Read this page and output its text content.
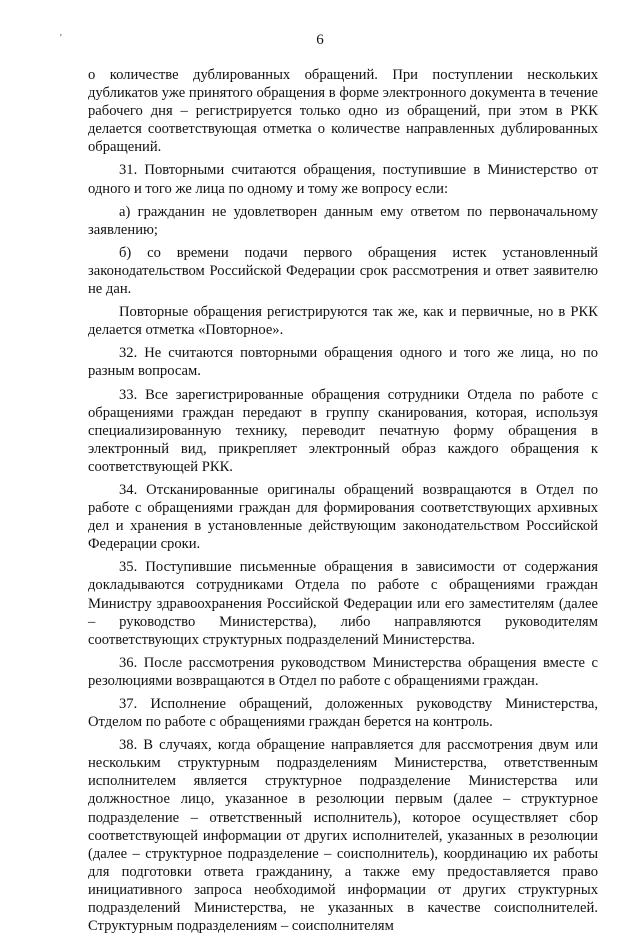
6
'

о количестве дублированных обращений. При поступлении нескольких дубликатов уже принятого обращения в форме электронного документа в течение рабочего дня – регистрируется только одно из обращений, при этом в РКК делается соответствующая отметка о количестве направленных дублированных обращений.

31. Повторными считаются обращения, поступившие в Министерство от одного и того же лица по одному и тому же вопросу если:

а) гражданин не удовлетворен данным ему ответом по первоначальному заявлению;

б) со времени подачи первого обращения истек установленный законодательством Российской Федерации срок рассмотрения и ответ заявителю не дан.

Повторные обращения регистрируются так же, как и первичные, но в РКК делается отметка «Повторное».

32. Не считаются повторными обращения одного и того же лица, но по разным вопросам.

33. Все зарегистрированные обращения сотрудники Отдела по работе с обращениями граждан передают в группу сканирования, которая, используя специализированную технику, переводит печатную форму обращения в электронный вид, прикрепляет электронный образ каждого обращения к соответствующей РКК.

34. Отсканированные оригиналы обращений возвращаются в Отдел по работе с обращениями граждан для формирования соответствующих архивных дел и хранения в установленные действующим законодательством Российской Федерации сроки.

35. Поступившие письменные обращения в зависимости от содержания докладываются сотрудниками Отдела по работе с обращениями граждан Министру здравоохранения Российской Федерации или его заместителям (далее – руководство Министерства), либо направляются руководителям соответствующих структурных подразделений Министерства.

36. После рассмотрения руководством Министерства обращения вместе с резолюциями возвращаются в Отдел по работе с обращениями граждан.

37. Исполнение обращений, доложенных руководству Министерства, Отделом по работе с обращениями граждан берется на контроль.

38. В случаях, когда обращение направляется для рассмотрения двум или нескольким структурным подразделениям Министерства, ответственным исполнителем является структурное подразделение Министерства или должностное лицо, указанное в резолюции первым (далее – структурное подразделение – ответственный исполнитель), которое осуществляет сбор соответствующей информации от других исполнителей, указанных в резолюции (далее – структурное подразделение – соисполнитель), координацию их работы для подготовки ответа гражданину, а также ему предоставляется право инициативного запроса необходимой информации от других структурных подразделений Министерства, не указанных в качестве соисполнителей. Структурным подразделениям – соисполнителям
